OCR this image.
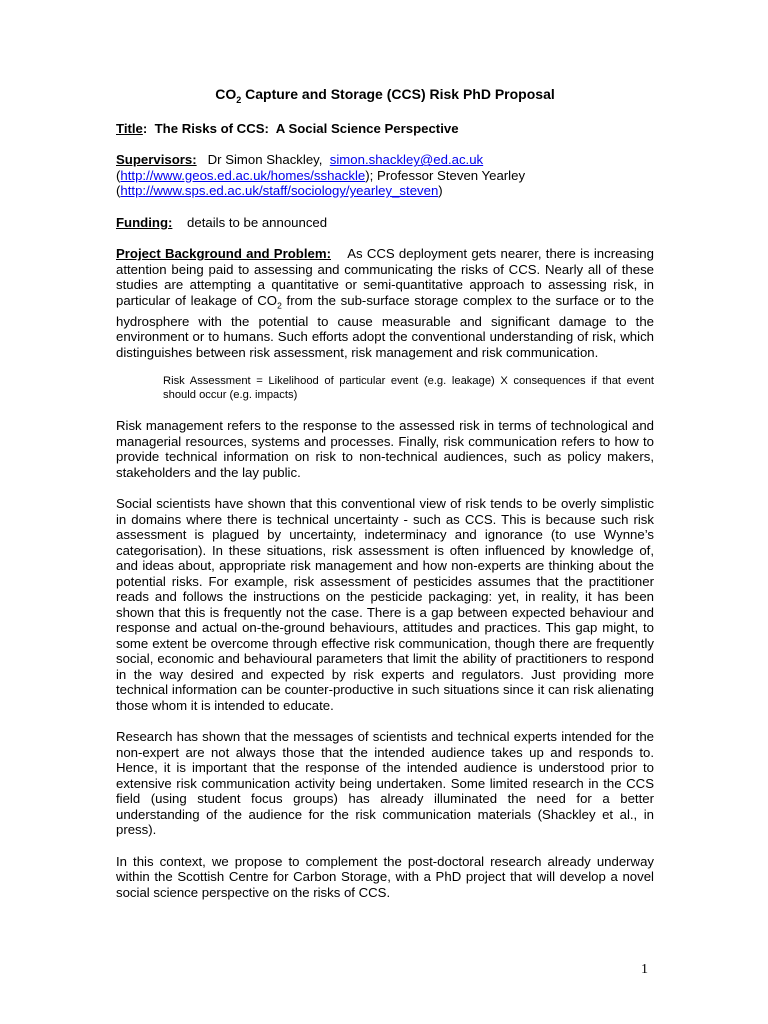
$CO_2$ Capture and Storage (CCS) Risk PhD Proposal

Title:  The Risks of CCS:  A Social Science Perspective

Supervisors:   Dr Simon Shackley,  simon.shackley@ed.ac.uk

(http://www.geos.ed.ac.uk/homes/sshackle); Professor Steven Yearley

(http://www.sps.ed.ac.uk/staff/sociology/yearley_steven)

Funding:    details to be announced

Project Background and Problem:    As CCS deployment gets nearer, there is increasing attention being paid to assessing and communicating the risks of CCS. Nearly all of these studies are attempting a quantitative or semi-quantitative approach to assessing risk, in particular of leakage of $CO_2$ from the sub-surface storage complex to the surface or to the hydrosphere with the potential to cause measurable and significant damage to the environment or to humans. Such efforts adopt the conventional understanding of risk, which distinguishes between risk assessment, risk management and risk communication.

Risk Assessment = Likelihood of particular event (e.g. leakage) X consequences if that event should occur (e.g. impacts)

Risk management refers to the response to the assessed risk in terms of technological and managerial resources, systems and processes. Finally, risk communication refers to how to provide technical information on risk to non-technical audiences, such as policy makers, stakeholders and the lay public.

Social scientists have shown that this conventional view of risk tends to be overly simplistic in domains where there is technical uncertainty - such as CCS. This is because such risk assessment is plagued by uncertainty, indeterminacy and ignorance (to use Wynne’s categorisation). In these situations, risk assessment is often influenced by knowledge of, and ideas about, appropriate risk management and how non-experts are thinking about the potential risks. For example, risk assessment of pesticides assumes that the practitioner reads and follows the instructions on the pesticide packaging: yet, in reality, it has been shown that this is frequently not the case. There is a gap between expected behaviour and response and actual on-the-ground behaviours, attitudes and practices. This gap might, to some extent be overcome through effective risk communication, though there are frequently social, economic and behavioural parameters that limit the ability of practitioners to respond in the way desired and expected by risk experts and regulators. Just providing more technical information can be counter-productive in such situations since it can risk alienating those whom it is intended to educate.

Research has shown that the messages of scientists and technical experts intended for the non-expert are not always those that the intended audience takes up and responds to. Hence, it is important that the response of the intended audience is understood prior to extensive risk communication activity being undertaken. Some limited research in the CCS field (using student focus groups) has already illuminated the need for a better understanding of the audience for the risk communication materials (Shackley et al., in press).

In this context, we propose to complement the post-doctoral research already underway within the Scottish Centre for Carbon Storage, with a PhD project that will develop a novel social science perspective on the risks of CCS.

1
